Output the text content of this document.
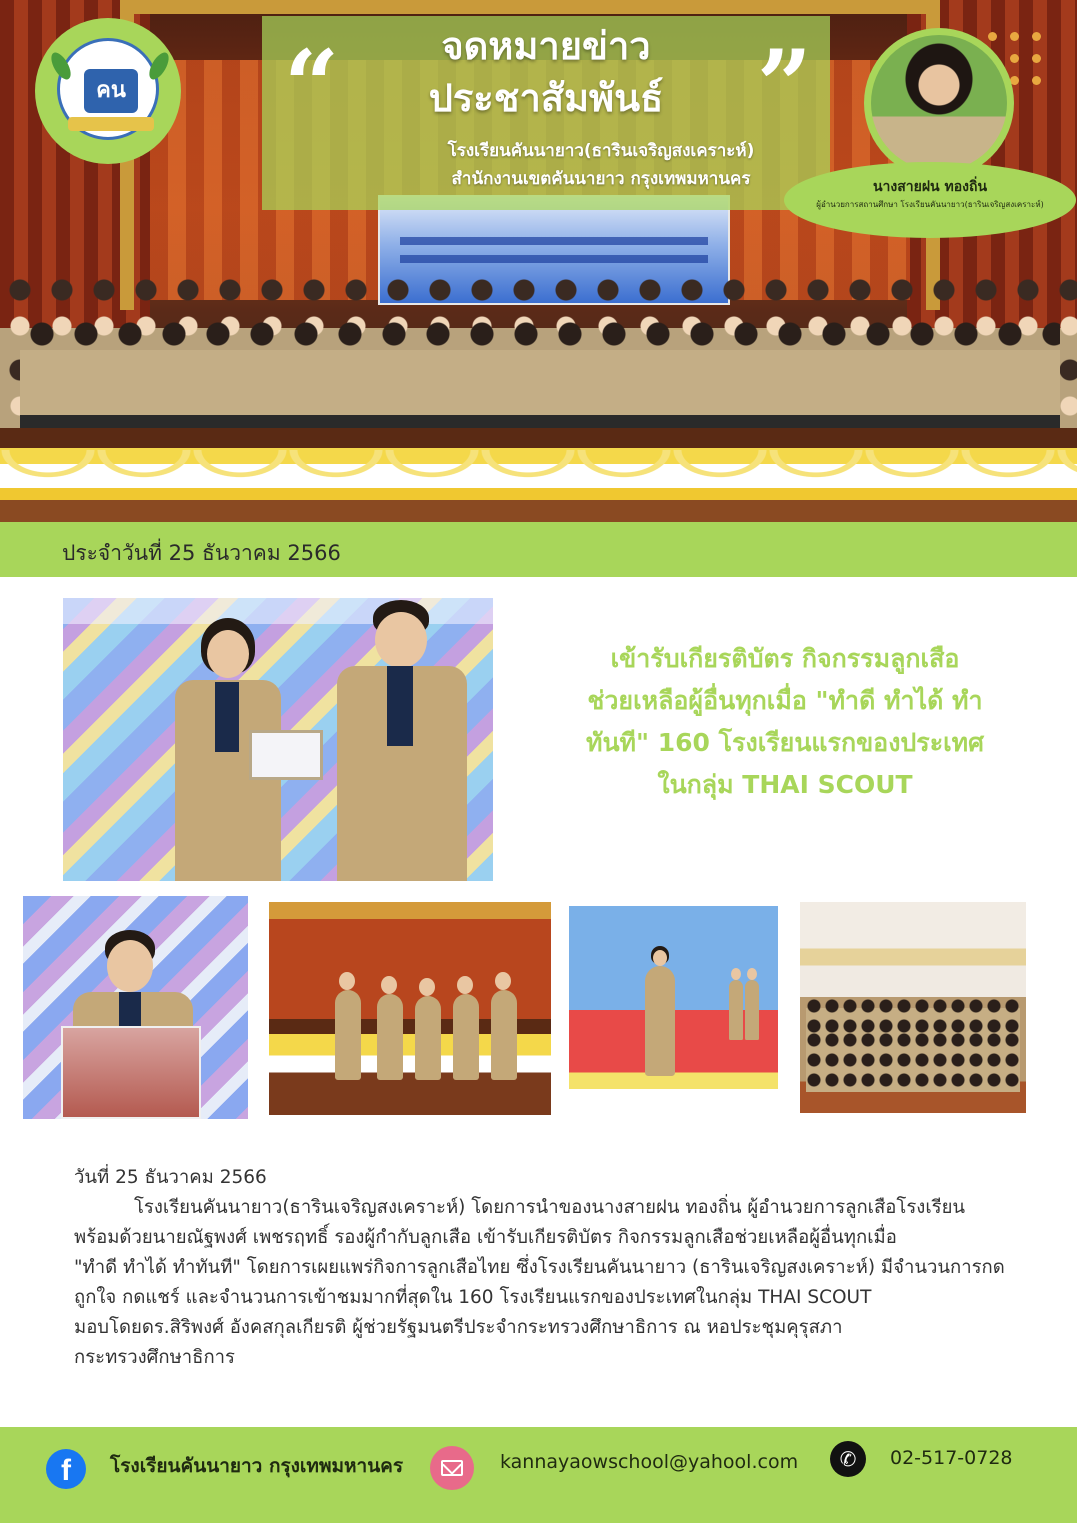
“	”
จดหมายข่าว
ประชาสัมพันธ์
โรงเรียนคันนายาว(ธารินเจริญสงเคราะห์)
สำนักงานเขตคันนายาว กรุงเทพมหานคร
คน
นางสายฝน ทองถิ่น
ผู้อำนวยการสถานศึกษา โรงเรียนคันนายาว(ธารินเจริญสงเคราะห์)
ประจำวันที่ 25 ธันวาคม 2566
เข้ารับเกียรติบัตร กิจกรรมลูกเสือ
ช่วยเหลือผู้อื่นทุกเมื่อ "ทำดี ทำได้ ทำ
ทันที" 160 โรงเรียนแรกของประเทศ
ในกลุ่ม THAI SCOUT
วันที่ 25 ธันวาคม 2566
โรงเรียนคันนายาว(ธารินเจริญสงเคราะห์) โดยการนำของนางสายฝน ทองถิ่น ผู้อำนวยการลูกเสือโรงเรียน
พร้อมด้วยนายณัฐพงศ์ เพชรฤทธิ์ รองผู้กำกับลูกเสือ เข้ารับเกียรติบัตร กิจกรรมลูกเสือช่วยเหลือผู้อื่นทุกเมื่อ
"ทำดี ทำได้ ทำทันที" โดยการเผยแพร่กิจการลูกเสือไทย ซึ่งโรงเรียนคันนายาว (ธารินเจริญสงเคราะห์) มีจำนวนการกด
ถูกใจ กดแชร์ และจำนวนการเข้าชมมากที่สุดใน 160 โรงเรียนแรกของประเทศในกลุ่ม THAI SCOUT
มอบโดยดร.สิริพงศ์ อังคสกุลเกียรติ ผู้ช่วยรัฐมนตรีประจำกระทรวงศึกษาธิการ ณ หอประชุมคุรุสภา
กระทรวงศึกษาธิการ
f	โรงเรียนคันนายาว กรุงเทพมหานคร	kannayaowschool@yahool.com	✆	02-517-0728
